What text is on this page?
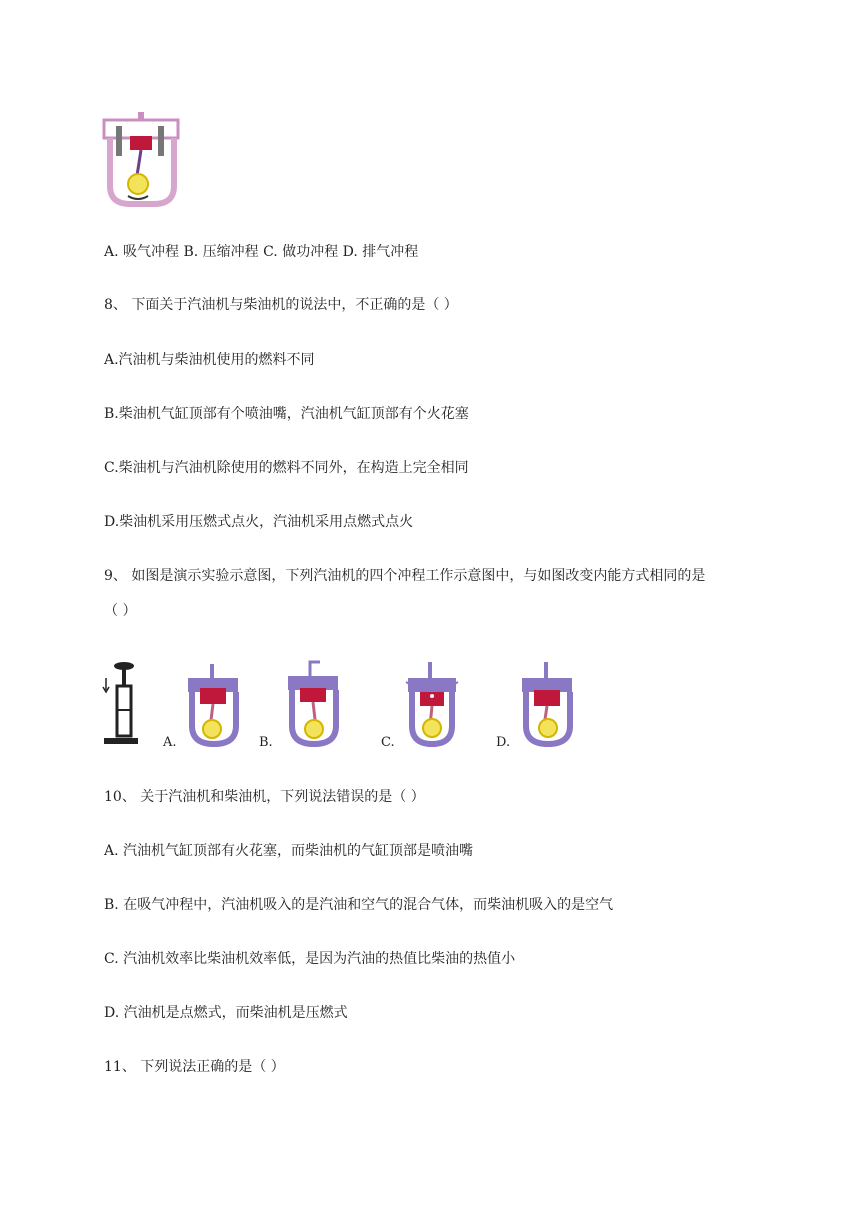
A. 吸气冲程 B. 压缩冲程 C. 做功冲程 D. 排气冲程
8、 下面关于汽油机与柴油机的说法中，不正确的是（ ）
A.汽油机与柴油机使用的燃料不同
B.柴油机气缸顶部有个喷油嘴，汽油机气缸顶部有个火花塞
C.柴油机与汽油机除使用的燃料不同外，在构造上完全相同
D.柴油机采用压燃式点火，汽油机采用点燃式点火
9、 如图是演示实验示意图，下列汽油机的四个冲程工作示意图中，与如图改变内能方式相同的是
（ ）
A.	B.	C.	D.
10、 关于汽油机和柴油机，下列说法错误的是（ ）
A. 汽油机气缸顶部有火花塞，而柴油机的气缸顶部是喷油嘴
B. 在吸气冲程中，汽油机吸入的是汽油和空气的混合气体，而柴油机吸入的是空气
C. 汽油机效率比柴油机效率低，是因为汽油的热值比柴油的热值小
D. 汽油机是点燃式，而柴油机是压燃式
11、 下列说法正确的是（ ）
